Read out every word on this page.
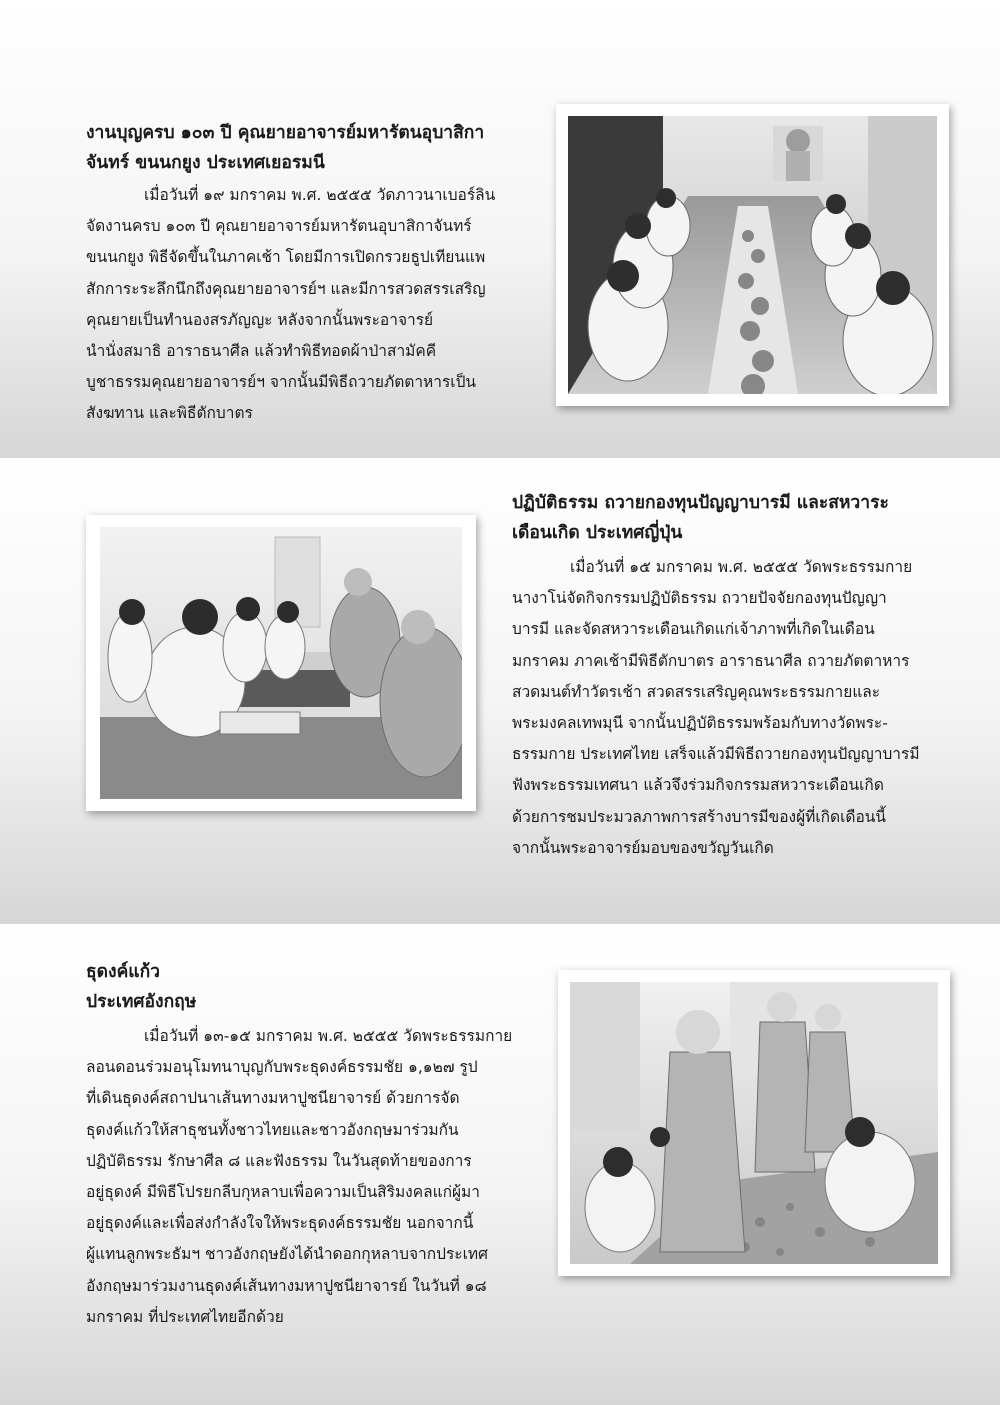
งานบุญครบ ๑๐๓ ปี คุณยายอาจารย์มหารัตนอุบาสิกา
จันทร์ ขนนกยูง ประเทศเยอรมนี

เมื่อวันที่ ๑๙ มกราคม พ.ศ. ๒๕๕๕ วัดภาวนาเบอร์ลิน
จัดงานครบ ๑๐๓ ปี คุณยายอาจารย์มหารัตนอุบาสิกาจันทร์
ขนนกยูง พิธีจัดขึ้นในภาคเช้า โดยมีการเปิดกรวยธูปเทียนแพ
สักการะระลึกนึกถึงคุณยายอาจารย์ฯ และมีการสวดสรรเสริญ
คุณยายเป็นทำนองสรภัญญะ หลังจากนั้นพระอาจารย์
นำนั่งสมาธิ อาราธนาศีล แล้วทำพิธีทอดผ้าป่าสามัคคี
บูชาธรรมคุณยายอาจารย์ฯ จากนั้นมีพิธีถวายภัตตาหารเป็น
สังฆทาน และพิธีตักบาตร

ปฏิบัติธรรม ถวายกองทุนปัญญาบารมี และสหวาระ
เดือนเกิด ประเทศญี่ปุ่น

เมื่อวันที่ ๑๕ มกราคม พ.ศ. ๒๕๕๕ วัดพระธรรมกาย
นางาโน่จัดกิจกรรมปฏิบัติธรรม ถวายปัจจัยกองทุนปัญญา
บารมี และจัดสหวาระเดือนเกิดแก่เจ้าภาพที่เกิดในเดือน
มกราคม ภาคเช้ามีพิธีตักบาตร อาราธนาศีล ถวายภัตตาหาร
สวดมนต์ทำวัตรเช้า สวดสรรเสริญคุณพระธรรมกายและ
พระมงคลเทพมุนี จากนั้นปฏิบัติธรรมพร้อมกับทางวัดพระ-
ธรรมกาย ประเทศไทย เสร็จแล้วมีพิธีถวายกองทุนปัญญาบารมี
ฟังพระธรรมเทศนา แล้วจึงร่วมกิจกรรมสหวาระเดือนเกิด
ด้วยการชมประมวลภาพการสร้างบารมีของผู้ที่เกิดเดือนนี้
จากนั้นพระอาจารย์มอบของขวัญวันเกิด

ธุดงค์แก้ว
ประเทศอังกฤษ

เมื่อวันที่ ๑๓-๑๕ มกราคม พ.ศ. ๒๕๕๕ วัดพระธรรมกาย
ลอนดอนร่วมอนุโมทนาบุญกับพระธุดงค์ธรรมชัย ๑,๑๒๗ รูป
ที่เดินธุดงค์สถาปนาเส้นทางมหาปูชนียาจารย์ ด้วยการจัด
ธุดงค์แก้วให้สาธุชนทั้งชาวไทยและชาวอังกฤษมาร่วมกัน
ปฏิบัติธรรม รักษาศีล ๘ และฟังธรรม ในวันสุดท้ายของการ
อยู่ธุดงค์ มีพิธีโปรยกลีบกุหลาบเพื่อความเป็นสิริมงคลแก่ผู้มา
อยู่ธุดงค์และเพื่อส่งกำลังใจให้พระธุดงค์ธรรมชัย นอกจากนี้
ผู้แทนลูกพระธัมฯ ชาวอังกฤษยังได้นำดอกกุหลาบจากประเทศ
อังกฤษมาร่วมงานธุดงค์เส้นทางมหาปูชนียาจารย์ ในวันที่ ๑๘
มกราคม ที่ประเทศไทยอีกด้วย
